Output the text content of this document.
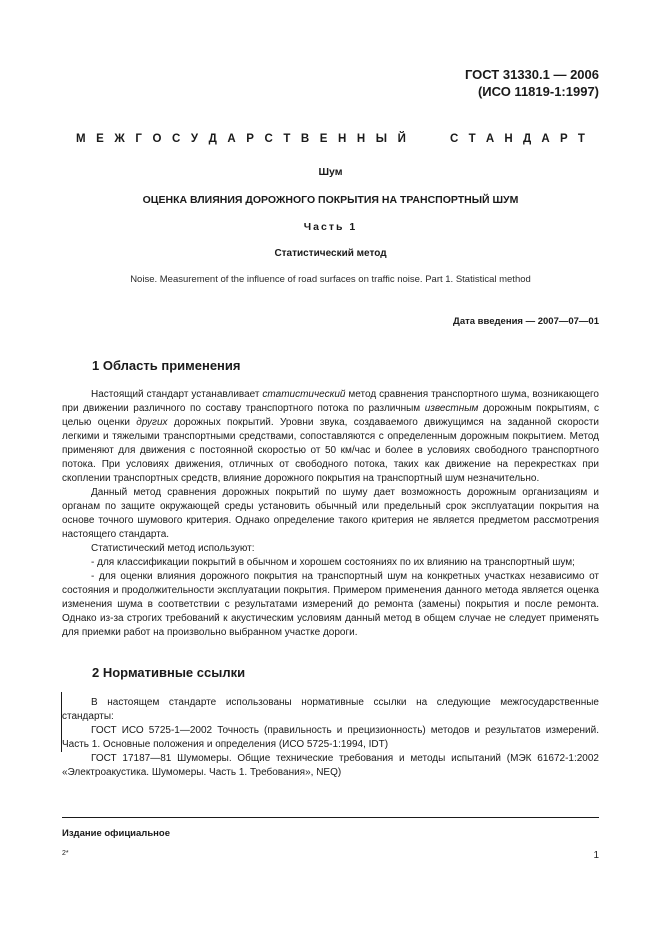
ГОСТ 31330.1 — 2006
(ИСО 11819-1:1997)
М Е Ж Г О С У Д А Р С Т В Е Н Н Ы Й	С Т А Н Д А Р Т
Шум
ОЦЕНКА ВЛИЯНИЯ ДОРОЖНОГО ПОКРЫТИЯ НА ТРАНСПОРТНЫЙ ШУМ
Часть 1
Статистический метод
Noise. Measurement of the influence of road surfaces on traffic noise. Part 1. Statistical method
Дата введения — 2007—07—01
1 Область применения

Настоящий стандарт устанавливает статистический метод сравнения транспортного шума, возникающего при движении различного по составу транспортного потока по различным известным дорожным покрытиям, с целью оценки других дорожных покрытий. Уровни звука, создаваемого движущимся на заданной скорости легкими и тяжелыми транспортными средствами, сопоставляются с определенным дорожным покрытием. Метод применяют для движения с постоянной скоростью от 50 км/час и более в условиях свободного транспортного потока. При условиях движения, отличных от свободного потока, таких как движение на перекрестках при скоплении транспортных средств, влияние дорожного покрытия на транспортный шум незначительно.

Данный метод сравнения дорожных покрытий по шуму дает возможность дорожным организациям и органам по защите окружающей среды установить обычный или предельный срок эксплуатации покрытия на основе точного шумового критерия. Однако определение такого критерия не является предметом рассмотрения настоящего стандарта.

Статистический метод используют:

- для классификации покрытий в обычном и хорошем состояниях по их влиянию на транспортный шум;

- для оценки влияния дорожного покрытия на транспортный шум на конкретных участках независимо от состояния и продолжительности эксплуатации покрытия. Примером применения данного метода является оценка изменения шума в соответствии с результатами измерений до ремонта (замены) покрытия и после ремонта. Однако из-за строгих требований к акустическим условиям данный метод в общем случае не следует применять для приемки работ на произвольно выбранном участке дороги.

2 Нормативные ссылки

В настоящем стандарте использованы нормативные ссылки на следующие межгосударственные стандарты:

ГОСТ ИСО 5725-1—2002 Точность (правильность и прецизионность) методов и результатов измерений. Часть 1. Основные положения и определения (ИСО 5725-1:1994, IDT)

ГОСТ 17187—81 Шумомеры. Общие технические требования и методы испытаний (МЭК 61672-1:2002 «Электроакустика. Шумомеры. Часть 1. Требования», NEQ)

Издание официальное
2*	1
